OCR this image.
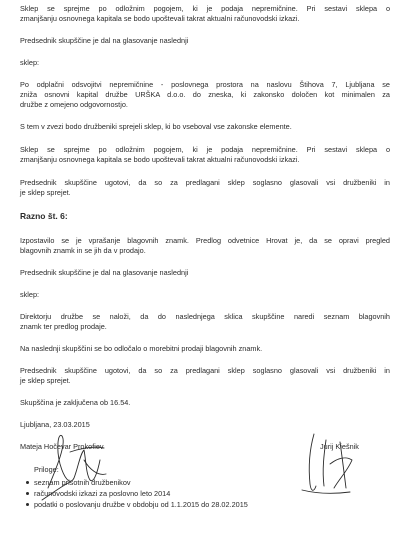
Sklep se sprejme po odložnim pogojem, ki je podaja nepremičnine. Pri sestavi sklepa o
zmanjšanju osnovnega kapitala se bodo upoštevali takrat aktualni računovodski izkazi.
Predsednik skupščine je dal na glasovanje naslednji
sklep:
Po odplačni odsvojitvi nepremičnine - poslovnega prostora na naslovu Štihova 7, Ljubljana se
zniža osnovni kapital družbe URŠKA d.o.o. do zneska, ki zakonsko določen kot minimalen za
družbe z omejeno odgovornostjo.
S tem v zvezi bodo družbeniki sprejeli sklep, ki bo vseboval vse zakonske elemente.
Sklep se sprejme po odložnim pogojem, ki je podaja nepremičnine. Pri sestavi sklepa o
zmanjšanju osnovnega kapitala se bodo upoštevali takrat aktualni računovodski izkazi.
Predsednik skupščine ugotovi, da so za predlagani sklep soglasno glasovali vsi družbeniki in
je sklep sprejet.
Razno št. 6:
Izpostavilo se je vprašanje blagovnih znamk. Predlog odvetnice Hrovat je, da se opravi pregled
blagovnih znamk in se jih da v prodajo.
Predsednik skupščine je dal na glasovanje naslednji
sklep:
Direktorju družbe se naloži, da do naslednjega sklica skupščine naredi seznam blagovnih
znamk ter predlog prodaje.
Na naslednji skupščini se bo odločalo o morebitni prodaji blagovnih znamk.
Predsednik skupščine ugotovi, da so za predlagani sklep soglasno glasovali vsi družbeniki in
je sklep sprejet.
Skupščina je zaključena ob 16.54.
Ljubljana, 23.03.2015
Mateja Hočevar Prokofiev	Jurij Kiešnik
Priloge:
seznam prisotnih družbenikov
računovodski izkazi za poslovno leto 2014
podatki o poslovanju družbe v obdobju od 1.1.2015 do 28.02.2015
